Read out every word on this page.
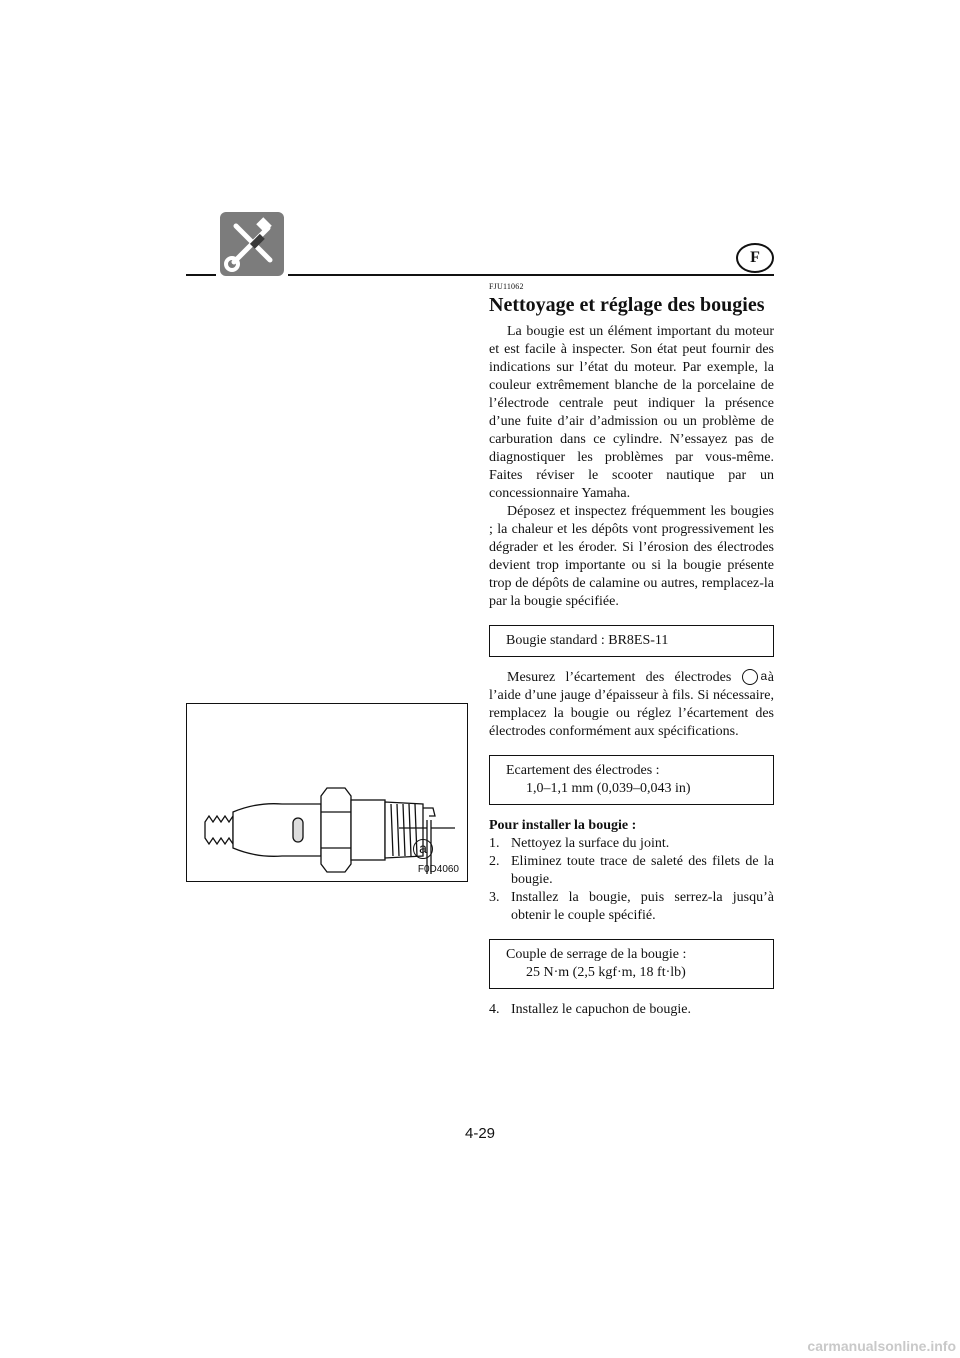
F
a
F0D4060
FJU11062
Nettoyage et réglage des bougies

La bougie est un élément important du moteur et est facile à inspecter. Son état peut fournir des indications sur l’état du moteur. Par exemple, la couleur extrêmement blanche de la porcelaine de l’électrode centrale peut indiquer la présence d’une fuite d’air d’admission ou un problème de carburation dans ce cylindre. N’essayez pas de diagnostiquer les problèmes par vous-même. Faites réviser le scooter nautique par un concessionnaire Yamaha.

Déposez et inspectez fréquemment les bougies ; la chaleur et les dépôts vont progressivement les dégrader et les éroder. Si l’érosion des électrodes devient trop importante ou si la bougie présente trop de dépôts de calamine ou autres, remplacez-la par la bougie spécifiée.

Bougie standard : BR8ES-11

Mesurez l’écartement des électrodes a à l’aide d’une jauge d’épaisseur à fils. Si nécessaire, remplacez la bougie ou réglez l’écartement des électrodes conformément aux spécifications.

Ecartement des électrodes :
1,0–1,1 mm (0,039–0,043 in)
Pour installer la bougie :
1. Nettoyez la surface du joint.
2. Eliminez toute trace de saleté des filets de la bougie.
3. Installez la bougie, puis serrez-la jusqu’à obtenir le couple spécifié.
Couple de serrage de la bougie :
25 N·m (2,5 kgf·m, 18 ft·lb)
4. Installez le capuchon de bougie.
4-29
carmanualsonline.info
